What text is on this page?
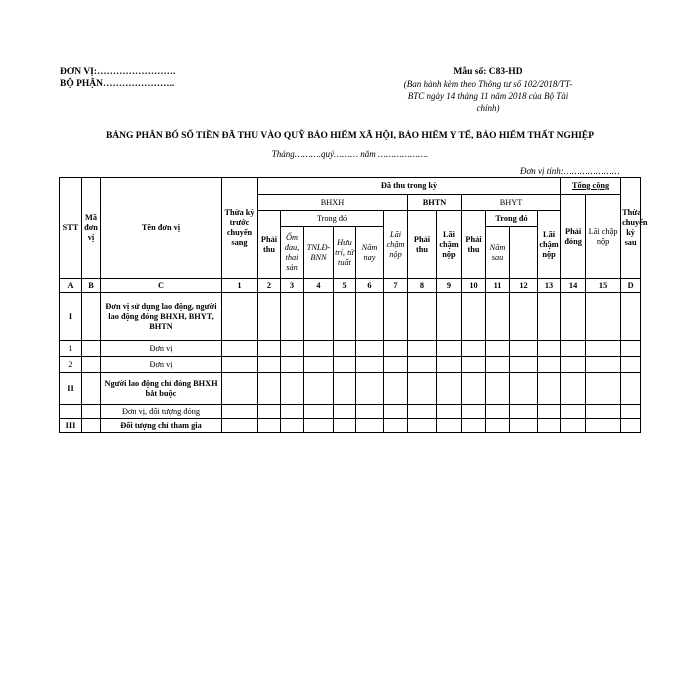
ĐƠN VỊ:…………………….
BỘ PHẬN…………………..
Mẫu số: C83-HD
(Ban hành kèm theo Thông tư số 102/2018/TT-
BTC ngày 14 tháng 11 năm 2018 của Bộ Tài
chính)
BẢNG PHÂN BỔ SỐ TIỀN ĐÃ THU VÀO QUỸ BẢO HIỂM XÃ HỘI, BẢO HIỂM Y TẾ, BẢO HIỂM THẤT NGHIỆP
Tháng……….quý……… năm ……………….
Đơn vị tính:…………………
STT	Mã đơn vị	Tên đơn vị	Thừa kỳ trước chuyển sang	Đã thu trong kỳ												Tổng cộng		Thừa chuyển kỳ sau	
				BHXH						BHTN		BHYT				Phải đóng	Lãi chập nộp		
				Phải thu	Trong đó				Lãi chậm nộp	Phải thu	Lãi chậm nộp	Phải thu	Trong đó		Lãi chậm nộp				
					Ốm đau, thai sản	TNLĐ-BNN	Hưu trí, tử tuất	Năm nay					Năm sau						
A	B	C	1	2	3	4	5	6	7	8	9	10	11	12	13	14	15	D	
I		Đơn vị sử dụng lao động, người lao động đóng BHXH, BHYT, BHTN																	
1		Đơn vị																	
2		Đơn vị																	
II		Người lao động chỉ đóng BHXH bắt buộc																	
		Đơn vị, đối tượng đóng																	
III		Đối tượng chỉ tham gia																	
